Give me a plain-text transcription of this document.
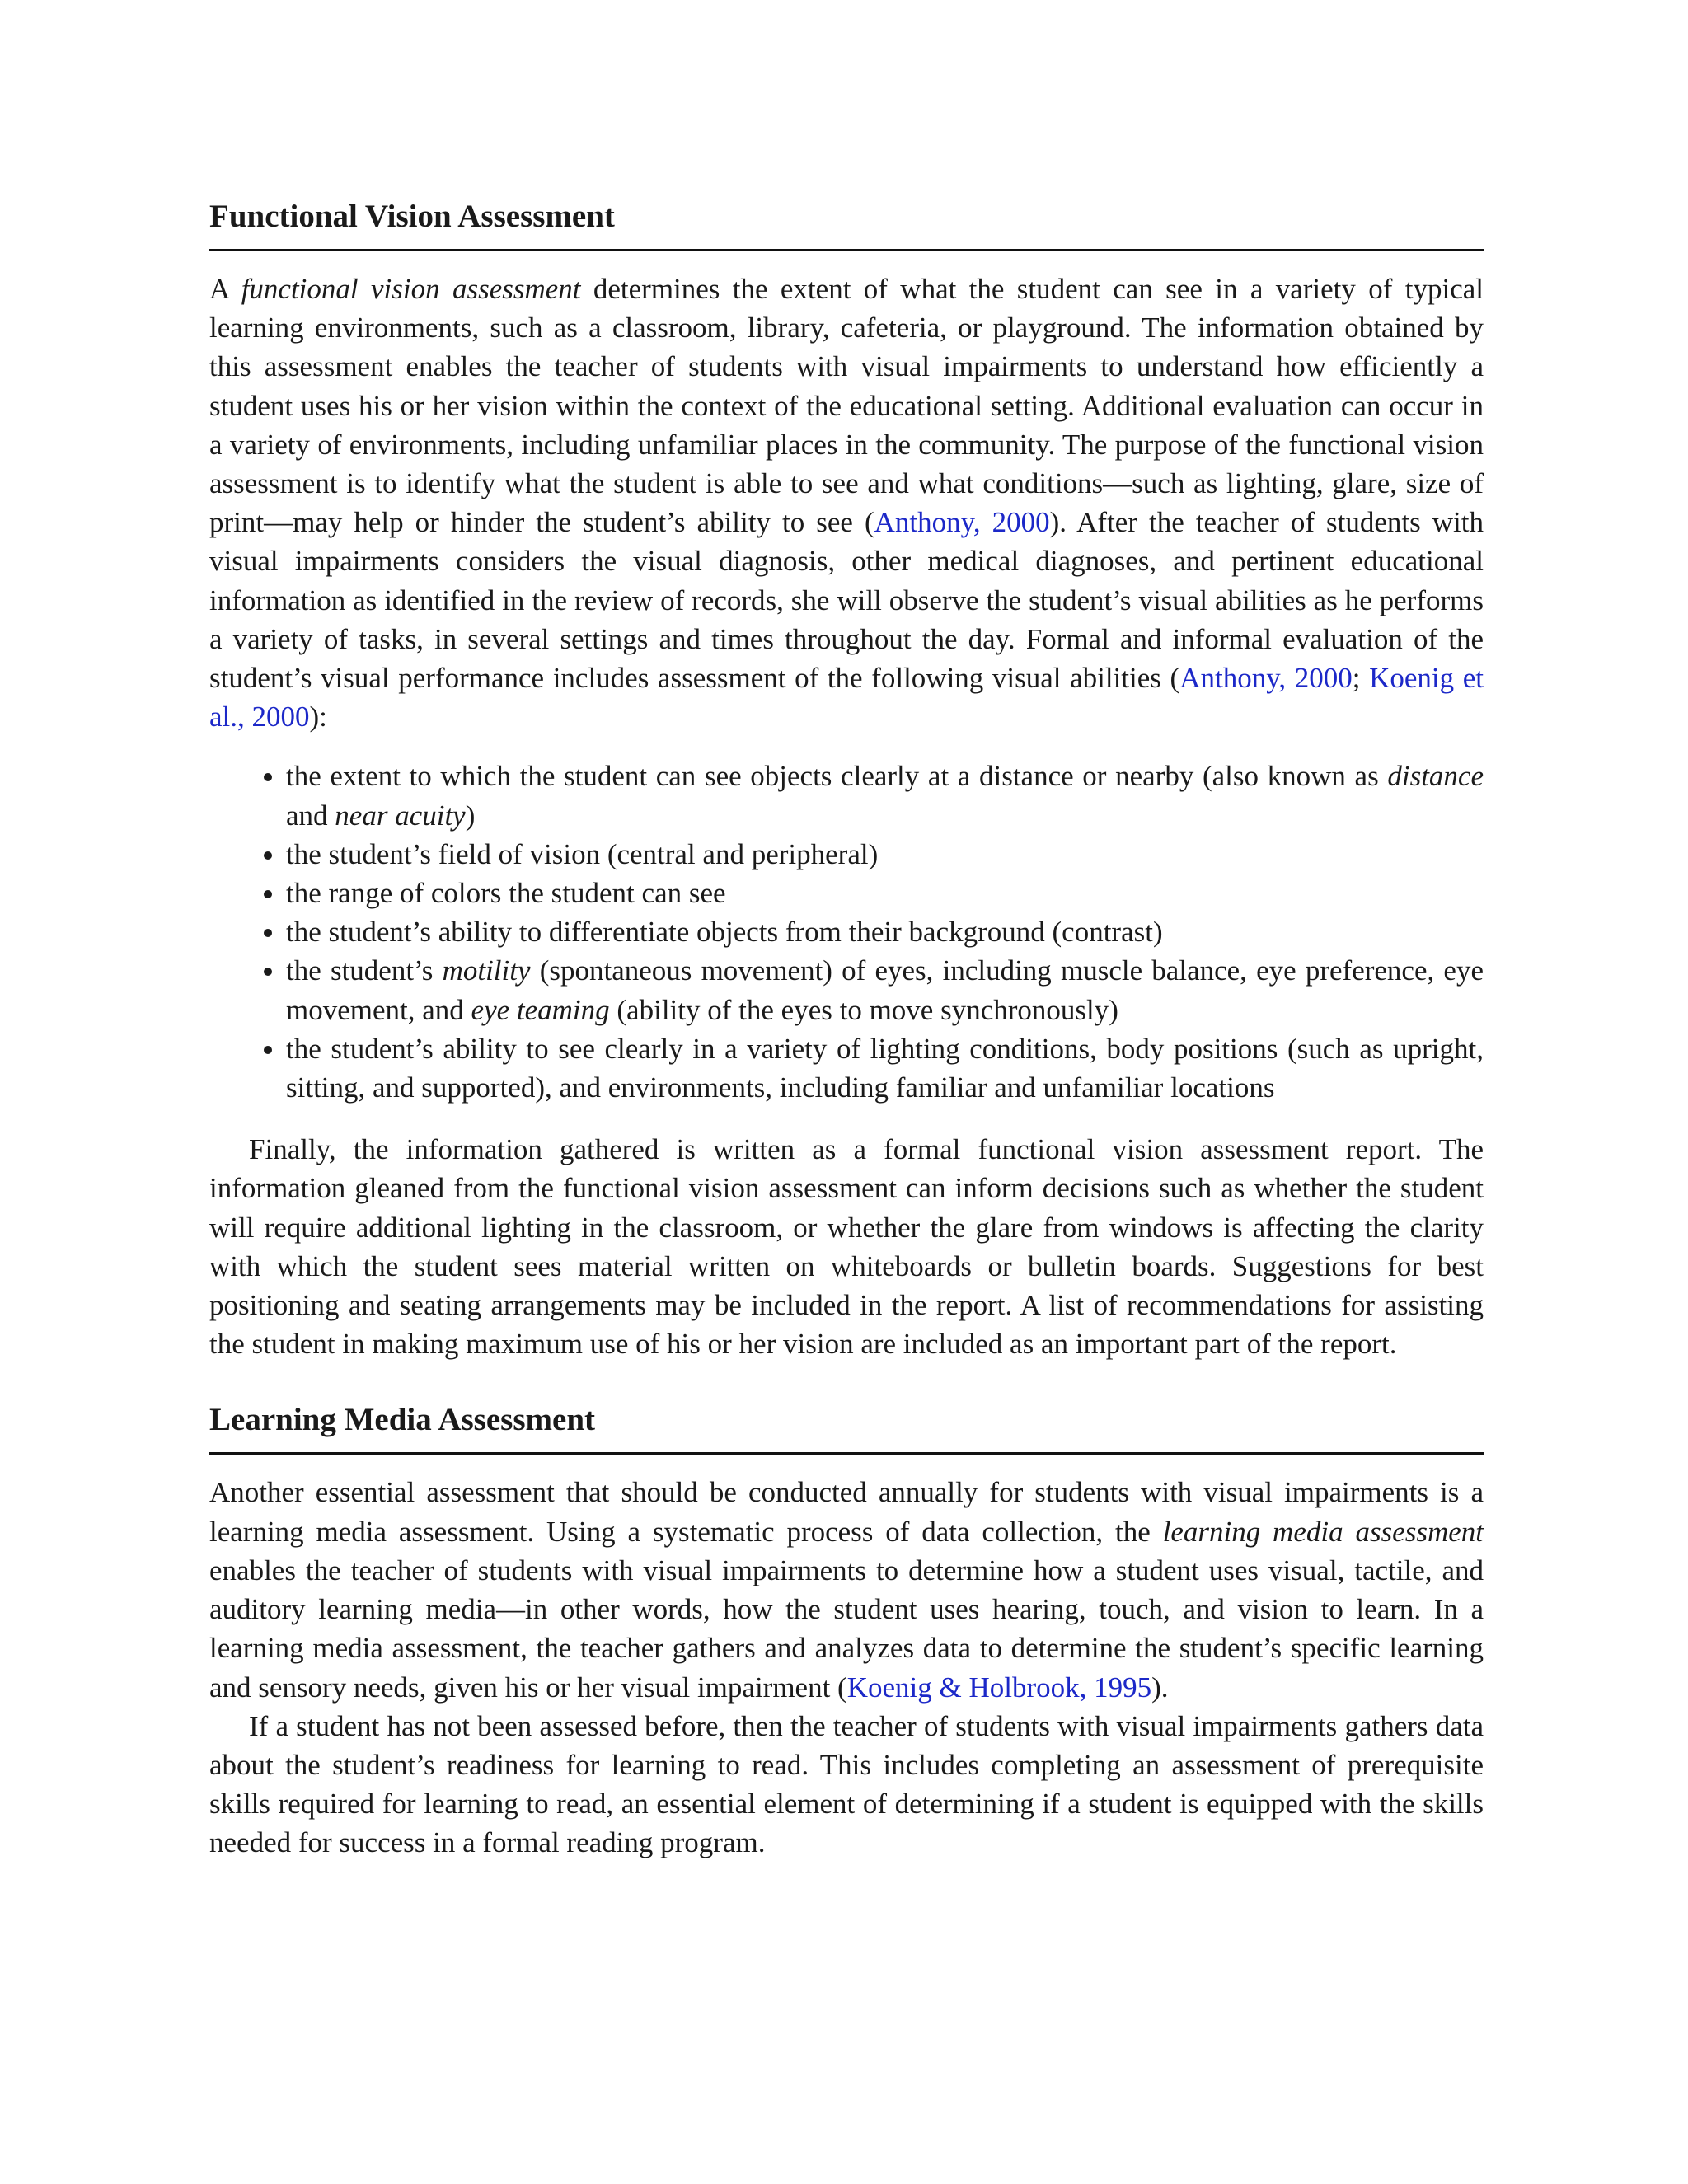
Functional Vision Assessment

A functional vision assessment determines the extent of what the student can see in a variety of typical learning environments, such as a classroom, library, cafeteria, or playground. The information obtained by this assessment enables the teacher of students with visual impairments to understand how efficiently a student uses his or her vision within the context of the educational setting. Additional evaluation can occur in a variety of environments, including unfamiliar places in the community. The purpose of the functional vision assessment is to identify what the student is able to see and what conditions—such as lighting, glare, size of print—may help or hinder the student’s ability to see (Anthony, 2000). After the teacher of students with visual impairments considers the visual diagnosis, other medical diagnoses, and pertinent educational information as identified in the review of records, she will observe the student’s visual abilities as he performs a variety of tasks, in several settings and times throughout the day. Formal and informal evaluation of the student’s visual performance includes assessment of the following visual abilities (Anthony, 2000; Koenig et al., 2000):

• the extent to which the student can see objects clearly at a distance or nearby (also known as distance and near acuity)
• the student’s field of vision (central and peripheral)
• the range of colors the student can see
• the student’s ability to differentiate objects from their background (contrast)
• the student’s motility (spontaneous movement) of eyes, including muscle balance, eye preference, eye movement, and eye teaming (ability of the eyes to move synchronously)
• the student’s ability to see clearly in a variety of lighting conditions, body positions (such as upright, sitting, and supported), and environments, including familiar and unfamiliar locations

Finally, the information gathered is written as a formal functional vision assessment report. The information gleaned from the functional vision assessment can inform decisions such as whether the student will require additional lighting in the classroom, or whether the glare from windows is affecting the clarity with which the student sees material written on whiteboards or bulletin boards. Suggestions for best positioning and seating arrangements may be included in the report. A list of recommendations for assisting the student in making maximum use of his or her vision are included as an important part of the report.

Learning Media Assessment

Another essential assessment that should be conducted annually for students with visual impairments is a learning media assessment. Using a systematic process of data collection, the learning media assessment enables the teacher of students with visual impairments to determine how a student uses visual, tactile, and auditory learning media—in other words, how the student uses hearing, touch, and vision to learn. In a learning media assessment, the teacher gathers and analyzes data to determine the student’s specific learning and sensory needs, given his or her visual impairment (Koenig & Holbrook, 1995).

If a student has not been assessed before, then the teacher of students with visual impairments gathers data about the student’s readiness for learning to read. This includes completing an assessment of prerequisite skills required for learning to read, an essential element of determining if a student is equipped with the skills needed for success in a formal reading program.
